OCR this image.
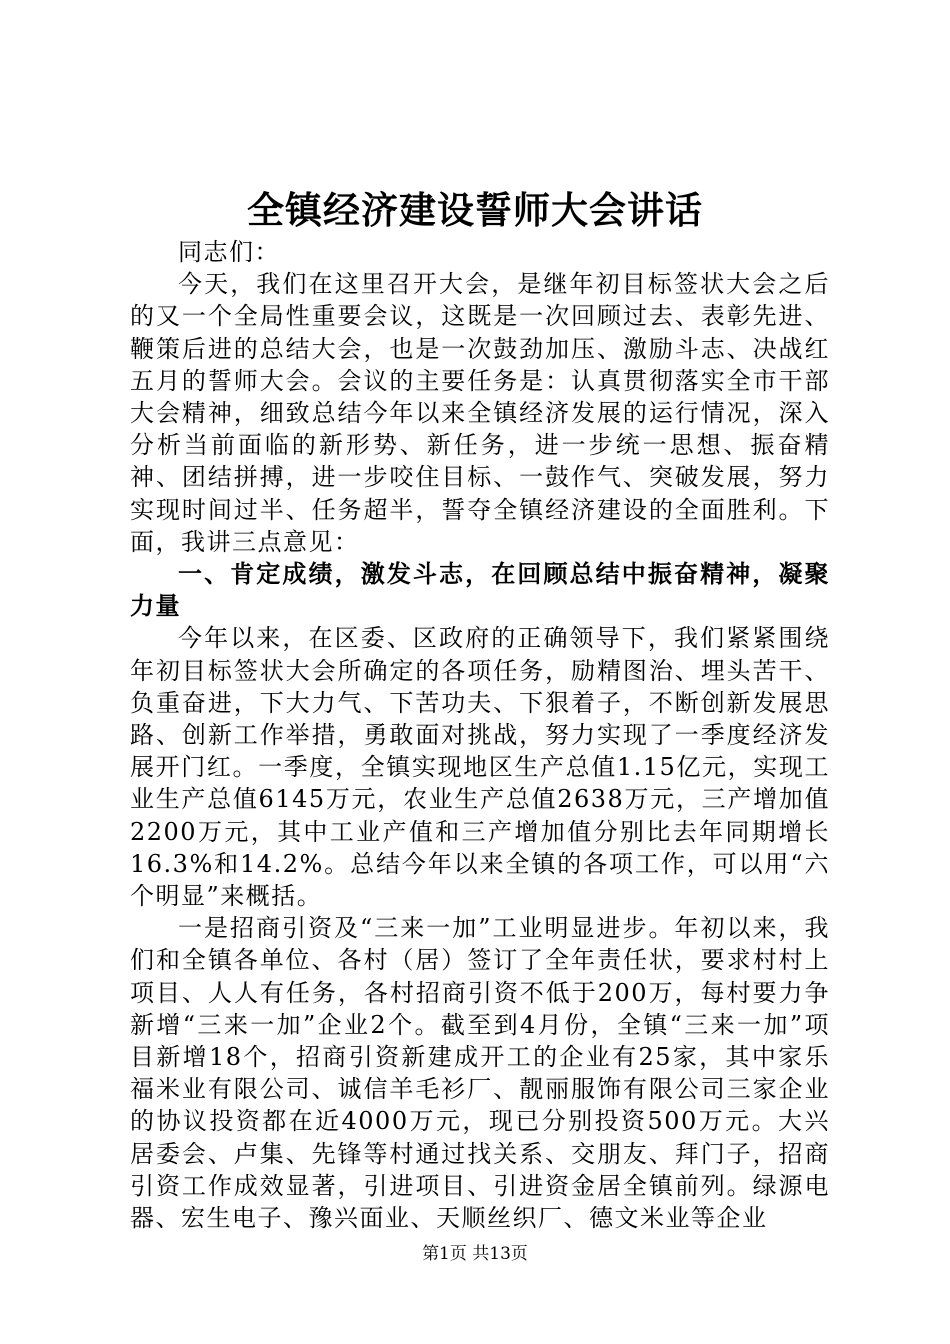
全镇经济建设誓师大会讲话

同志们：

今天，我们在这里召开大会，是继年初目标签状大会之后的又一个全局性重要会议，这既是一次回顾过去、表彰先进、鞭策后进的总结大会，也是一次鼓劲加压、激励斗志、决战红五月的誓师大会。会议的主要任务是：认真贯彻落实全市干部大会精神，细致总结今年以来全镇经济发展的运行情况，深入分析当前面临的新形势、新任务，进一步统一思想、振奋精神、团结拼搏，进一步咬住目标、一鼓作气、突破发展，努力实现时间过半、任务超半，誓夺全镇经济建设的全面胜利。下面，我讲三点意见：

一、肯定成绩，激发斗志，在回顾总结中振奋精神，凝聚力量

今年以来，在区委、区政府的正确领导下，我们紧紧围绕年初目标签状大会所确定的各项任务，励精图治、埋头苦干、负重奋进，下大力气、下苦功夫、下狠着子，不断创新发展思路、创新工作举措，勇敢面对挑战，努力实现了一季度经济发展开门红。一季度，全镇实现地区生产总值1.15亿元，实现工业生产总值6145万元，农业生产总值2638万元，三产增加值2200万元，其中工业产值和三产增加值分别比去年同期增长16.3%和14.2%。总结今年以来全镇的各项工作，可以用“六个明显”来概括。

一是招商引资及“三来一加”工业明显进步。年初以来，我们和全镇各单位、各村（居）签订了全年责任状，要求村村上项目、人人有任务，各村招商引资不低于200万，每村要力争新增“三来一加”企业2个。截至到4月份，全镇“三来一加”项目新增18个，招商引资新建成开工的企业有25家，其中家乐福米业有限公司、诚信羊毛衫厂、靓丽服饰有限公司三家企业的协议投资都在近4000万元，现已分别投资500万元。大兴居委会、卢集、先锋等村通过找关系、交朋友、拜门子，招商引资工作成效显著，引进项目、引进资金居全镇前列。绿源电器、宏生电子、豫兴面业、天顺丝织厂、德文米业等企业

第1页 共13页
